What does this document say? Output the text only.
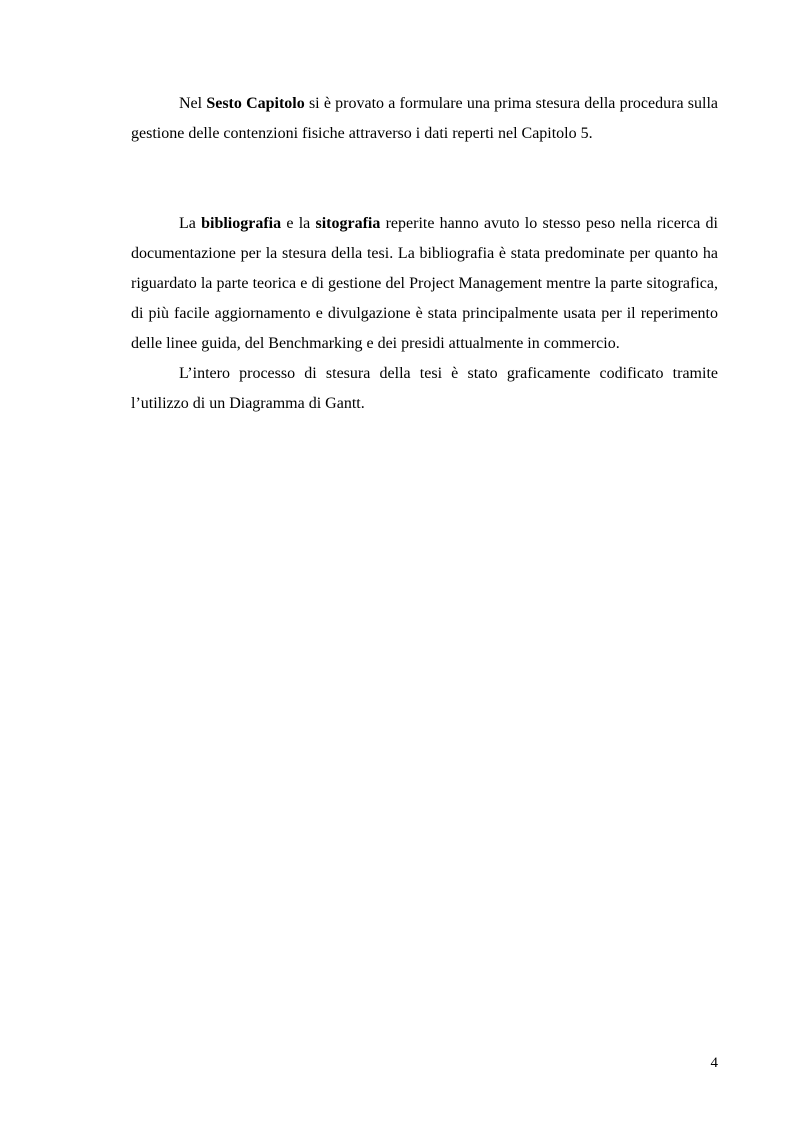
Nel Sesto Capitolo si è provato a formulare una prima stesura della procedura sulla gestione delle contenzioni fisiche attraverso i dati reperti nel Capitolo 5.

La bibliografia e la sitografia reperite hanno avuto lo stesso peso nella ricerca di documentazione per la stesura della tesi. La bibliografia è stata predominate per quanto ha riguardato la parte teorica e di gestione del Project Management mentre la parte sitografica, di più facile aggiornamento e divulgazione è stata principalmente usata per il reperimento delle linee guida, del Benchmarking e dei presidi attualmente in commercio.

L’intero processo di stesura della tesi è stato graficamente codificato tramite l’utilizzo di un Diagramma di Gantt.

4
